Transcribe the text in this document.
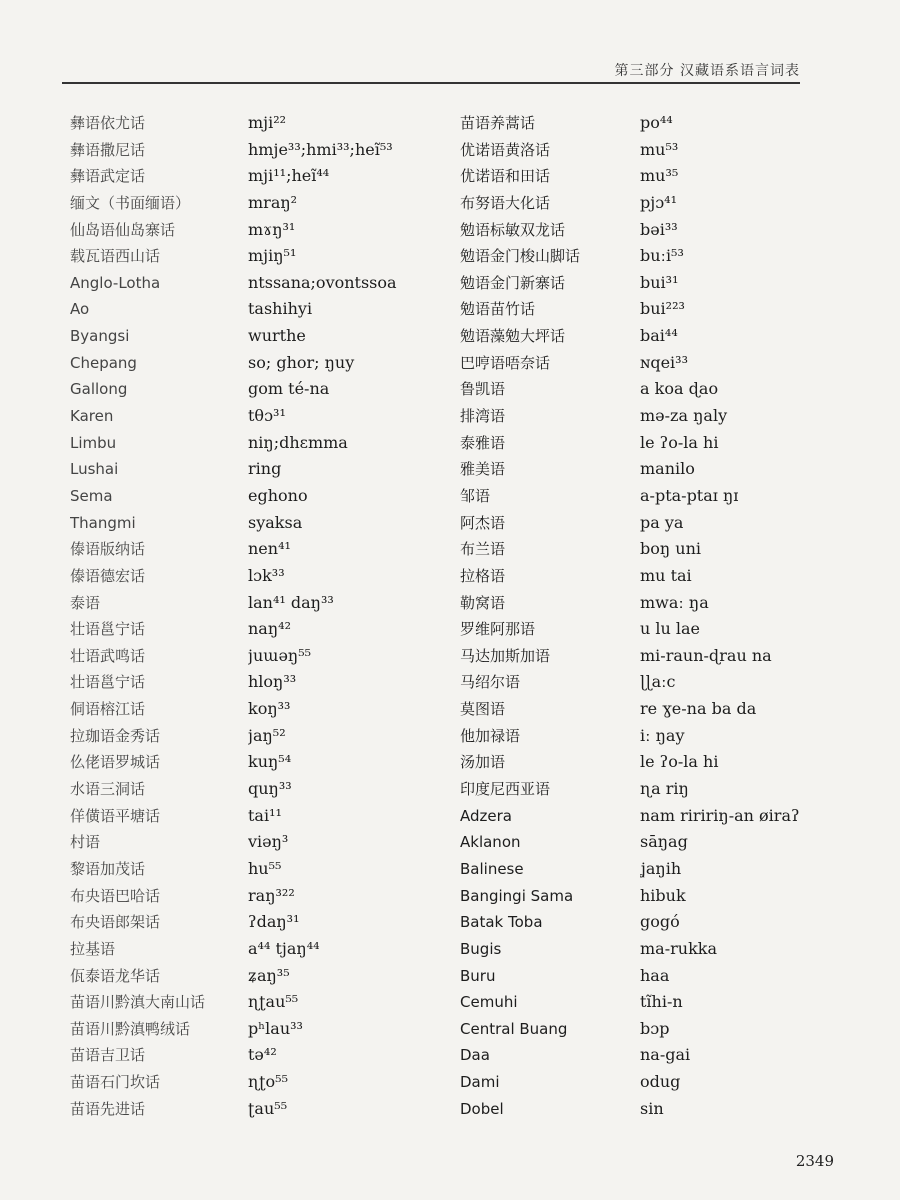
第三部分 汉藏语系语言词表
彝语依尤话
彝语撒尼话
彝语武定话
缅文（书面缅语）
仙岛语仙岛寨话
载瓦语西山话
Anglo-Lotha
Ao
Byangsi
Chepang
Gallong
Karen
Limbu
Lushai
Sema
Thangmi
傣语版纳话
傣语德宏话
泰语
壮语邕宁话
壮语武鸣话
壮语邕宁话
侗语榕江话
拉珈语金秀话
仫佬语罗城话
水语三洞话
佯僙语平塘话
村语
黎语加茂话
布央语巴哈话
布央语郎架话
拉基语
佤泰语龙华话
苗语川黔滇大南山话
苗语川黔滇鸭绒话
苗语吉卫话
苗语石门坎话
苗语先进话
mji²²
hmje³³;hmi³³;heĩ⁵³
mji¹¹;heĩ⁴⁴
mraŋ²
mɤŋ³¹
mjiŋ⁵¹
ntssana;ovontssoa
tashihyi
wurthe
so; ghor; ŋuy
gom té-na
tθɔ³¹
niŋ;dhɛmma
ring
eghono
syaksa
nen⁴¹
lɔk³³
lan⁴¹ daŋ³³
naŋ⁴²
juɯəŋ⁵⁵
hloŋ³³
koŋ³³
jaŋ⁵²
kuŋ⁵⁴
quŋ³³
tai¹¹
viəŋ³
hu⁵⁵
raŋ³²²
ʔdaŋ³¹
a⁴⁴ tjaŋ⁴⁴
ʑaŋ³⁵
ɳʈau⁵⁵
pʰlau³³
tə⁴²
ɳʈo⁵⁵
ʈau⁵⁵
苗语养蒿话
优诺语黄洛话
优诺语和田话
布努语大化话
勉语标敏双龙话
勉语金门梭山脚话
勉语金门新寨话
勉语苗竹话
勉语藻勉大坪话
巴哼语唔奈话
鲁凯语
排湾语
泰雅语
雅美语
邹语
阿杰语
布兰语
拉格语
勒窝语
罗维阿那语
马达加斯加语
马绍尔语
莫图语
他加禄语
汤加语
印度尼西亚语
Adzera
Aklanon
Balinese
Bangingi Sama
Batak Toba
Bugis
Buru
Cemuhi
Central Buang
Daa
Dami
Dobel
po⁴⁴
mu⁵³
mu³⁵
pjɔ⁴¹
bəi³³
buːi⁵³
bui³¹
bui²²³
bai⁴⁴
ɴqei³³
a koa ɖao
mə-za ŋaly
le ʔo-la hi
manilo
a-pta-ptaɪ ŋɪ
pa ya
boŋ uni
mu tai
mwaː ŋa
u lu lae
mi-raun-ɖrau na
ɭɭaːc
re ɣe-na ba da
iː ŋay
le ʔo-la hi
ɳa riŋ
nam riririŋ-an øiraʔ
sāŋag
ʝaŋih
hibuk
gogó
ma-rukka
haa
tĩhi-n
bɔp
na-gai
odug
sin
2349
